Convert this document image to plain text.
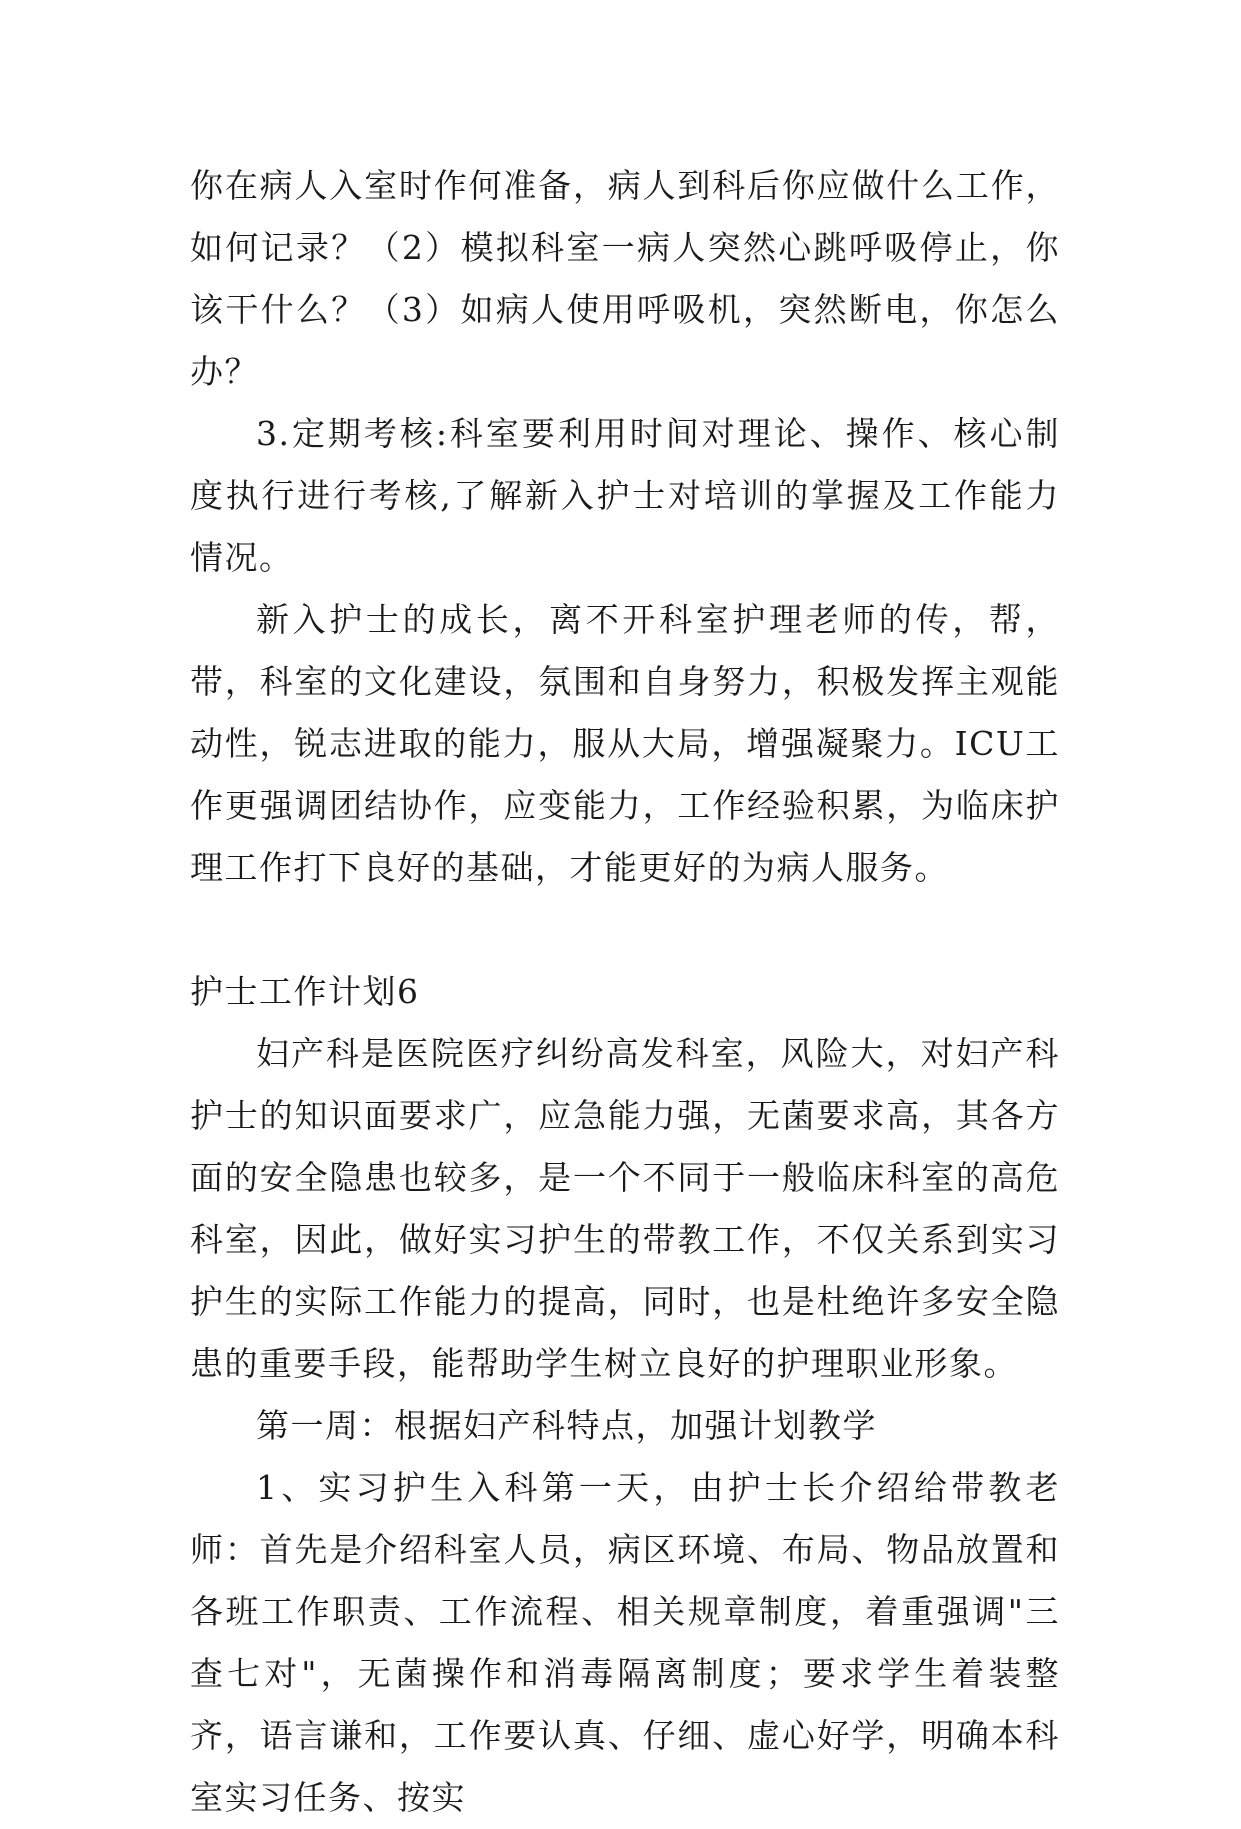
你在病人入室时作何准备，病人到科后你应做什么工作，如何记录？（2）模拟科室一病人突然心跳呼吸停止，你该干什么？（3）如病人使用呼吸机，突然断电，你怎么办？

3.定期考核:科室要利用时间对理论、操作、核心制度执行进行考核,了解新入护士对培训的掌握及工作能力情况。

新入护士的成长，离不开科室护理老师的传，帮，带，科室的文化建设，氛围和自身努力，积极发挥主观能动性，锐志进取的能力，服从大局，增强凝聚力。ICU工作更强调团结协作，应变能力，工作经验积累，为临床护理工作打下良好的基础，才能更好的为病人服务。

护士工作计划6

妇产科是医院医疗纠纷高发科室，风险大，对妇产科护士的知识面要求广，应急能力强，无菌要求高，其各方面的安全隐患也较多，是一个不同于一般临床科室的高危科室，因此，做好实习护生的带教工作，不仅关系到实习护生的实际工作能力的提高，同时，也是杜绝许多安全隐患的重要手段，能帮助学生树立良好的护理职业形象。

第一周：根据妇产科特点，加强计划教学

1、实习护生入科第一天，由护士长介绍给带教老师：首先是介绍科室人员，病区环境、布局、物品放置和各班工作职责、工作流程、相关规章制度，着重强调"三查七对"，无菌操作和消毒隔离制度；要求学生着装整齐，语言谦和，工作要认真、仔细、虚心好学，明确本科室实习任务、按实
